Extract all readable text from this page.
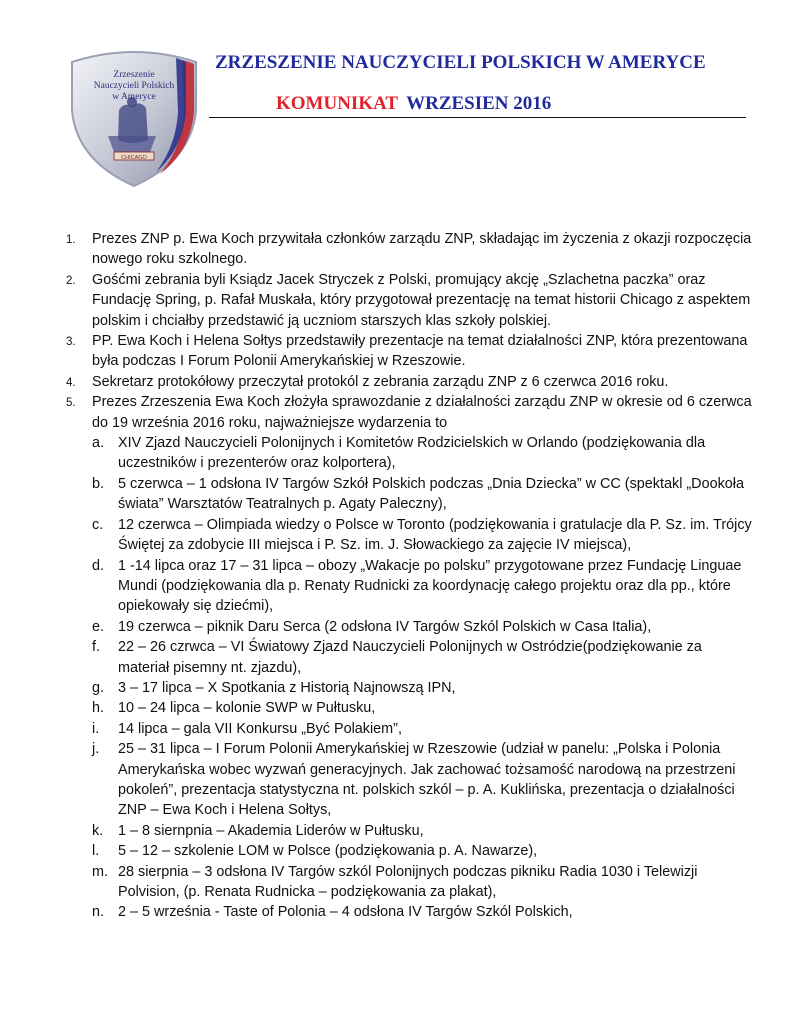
Zrzeszenie
Nauczycieli Polskich
w Ameryce
CHICAGO
ZRZESZENIE NAUCZYCIELI POLSKICH W AMERYCE
KOMUNIKAT WRZESIEN 2016
1. Prezes ZNP p. Ewa Koch przywitała członków zarządu ZNP, składając im życzenia z okazji rozpoczęcia nowego roku szkolnego.
2. Gośćmi zebrania byli Ksiądz Jacek Stryczek z Polski, promujący akcję „Szlachetna paczka” oraz Fundację Spring, p. Rafał Muskała, który przygotował prezentację na temat historii Chicago z aspektem polskim i chciałby przedstawić ją uczniom starszych klas szkoły polskiej.
3. PP. Ewa Koch i Helena Sołtys przedstawiły prezentacje na temat działalności ZNP, która prezentowana była podczas I Forum Polonii Amerykańskiej w Rzeszowie.
4. Sekretarz protokółowy przeczytał protokól z zebrania zarządu ZNP z 6 czerwca 2016 roku.
5. Prezes Zrzeszenia Ewa Koch złożyła sprawozdanie z działalności zarządu ZNP w okresie od 6 czerwca do 19 września 2016 roku, najważniejsze wydarzenia to
a. XIV Zjazd Nauczycieli Polonijnych i Komitetów Rodzicielskich w Orlando (podziękowania dla uczestników i prezenterów oraz kolportera),
b. 5 czerwca – 1 odsłona IV Targów Szkół Polskich podczas „Dnia Dziecka” w CC (spektakl „Dookoła świata” Warsztatów Teatralnych p. Agaty Paleczny),
c. 12 czerwca – Olimpiada wiedzy o Polsce w Toronto (podziękowania i gratulacje dla P. Sz. im. Trójcy Świętej za zdobycie III miejsca i P. Sz. im. J. Słowackiego za zajęcie IV miejsca),
d. 1 -14 lipca oraz 17 – 31 lipca – obozy „Wakacje po polsku” przygotowane przez Fundację Linguae Mundi (podziękowania dla p. Renaty Rudnicki za koordynację całego projektu oraz dla pp., które opiekowały się dziećmi),
e. 19 czerwca – piknik Daru Serca (2 odsłona IV Targów Szkól Polskich w Casa Italia),
f. 22 – 26 czrwca – VI Światowy Zjazd Nauczycieli Polonijnych w Ostródzie(podziękowanie za materiał pisemny nt. zjazdu),
g. 3 – 17 lipca – X Spotkania z Historią Najnowszą IPN,
h. 10 – 24 lipca – kolonie SWP w Pułtusku,
i. 14 lipca – gala VII Konkursu „Być Polakiem”,
j. 25 – 31 lipca – I Forum Polonii Amerykańskiej w Rzeszowie (udział w panelu: „Polska i Polonia Amerykańska wobec wyzwań generacyjnych. Jak zachować tożsamość narodową na przestrzeni pokoleń”, prezentacja statystyczna nt. polskich szkól – p. A. Kuklińska, prezentacja o działalności ZNP – Ewa Koch i Helena Sołtys,
k. 1 – 8 siernpnia – Akademia Liderów w Pułtusku,
l. 5 – 12 – szkolenie LOM w Polsce (podziękowania p. A. Nawarze),
m. 28 sierpnia – 3 odsłona IV Targów szkól Polonijnych podczas pikniku Radia 1030 i Telewizji Polvision, (p. Renata Rudnicka – podziękowania za plakat),
n. 2 – 5 września - Taste of Polonia – 4 odsłona IV Targów Szkól Polskich,
